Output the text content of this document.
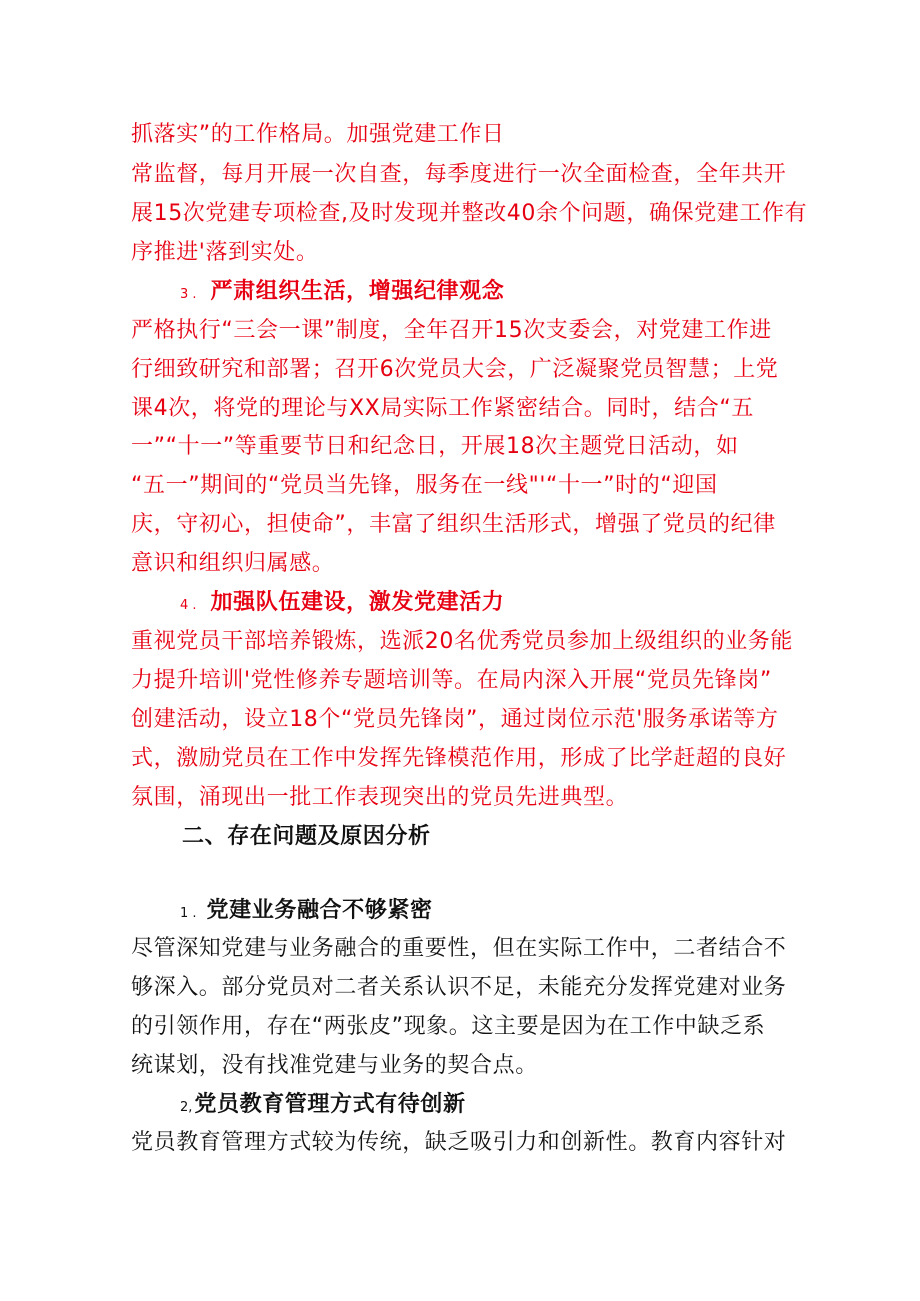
抓落实”的工作格局。加强党建工作日
常监督，每月开展一次自查，每季度进行一次全面检查，全年共开
展15次党建专项检查,及时发现并整改40余个问题，确保党建工作有
序推进'落到实处。
3 . 严肃组织生活，增强纪律观念
严格执行“三会一课”制度，全年召开15次支委会，对党建工作进
行细致研究和部署；召开6次党员大会，广泛凝聚党员智慧；上党
课4次，将党的理论与XX局实际工作紧密结合。同时，结合“五
一”“十一”等重要节日和纪念日，开展18次主题党日活动，如
“五一”期间的“党员当先锋，服务在一线"'“十一”时的“迎国
庆，守初心，担使命”，丰富了组织生活形式，增强了党员的纪律
意识和组织归属感。
4 . 加强队伍建设，激发党建活力
重视党员干部培养锻炼，选派20名优秀党员参加上级组织的业务能
力提升培训'党性修养专题培训等。在局内深入开展“党员先锋岗”
创建活动，设立18个“党员先锋岗”，通过岗位示范'服务承诺等方
式，激励党员在工作中发挥先锋模范作用，形成了比学赶超的良好
氛围，涌现出一批工作表现突出的党员先进典型。
二、存在问题及原因分析
1 . 党建业务融合不够紧密
尽管深知党建与业务融合的重要性，但在实际工作中，二者结合不
够深入。部分党员对二者关系认识不足，未能充分发挥党建对业务
的引领作用，存在“两张皮”现象。这主要是因为在工作中缺乏系
统谋划，没有找准党建与业务的契合点。
2,党员教育管理方式有待创新
党员教育管理方式较为传统，缺乏吸引力和创新性。教育内容针对
